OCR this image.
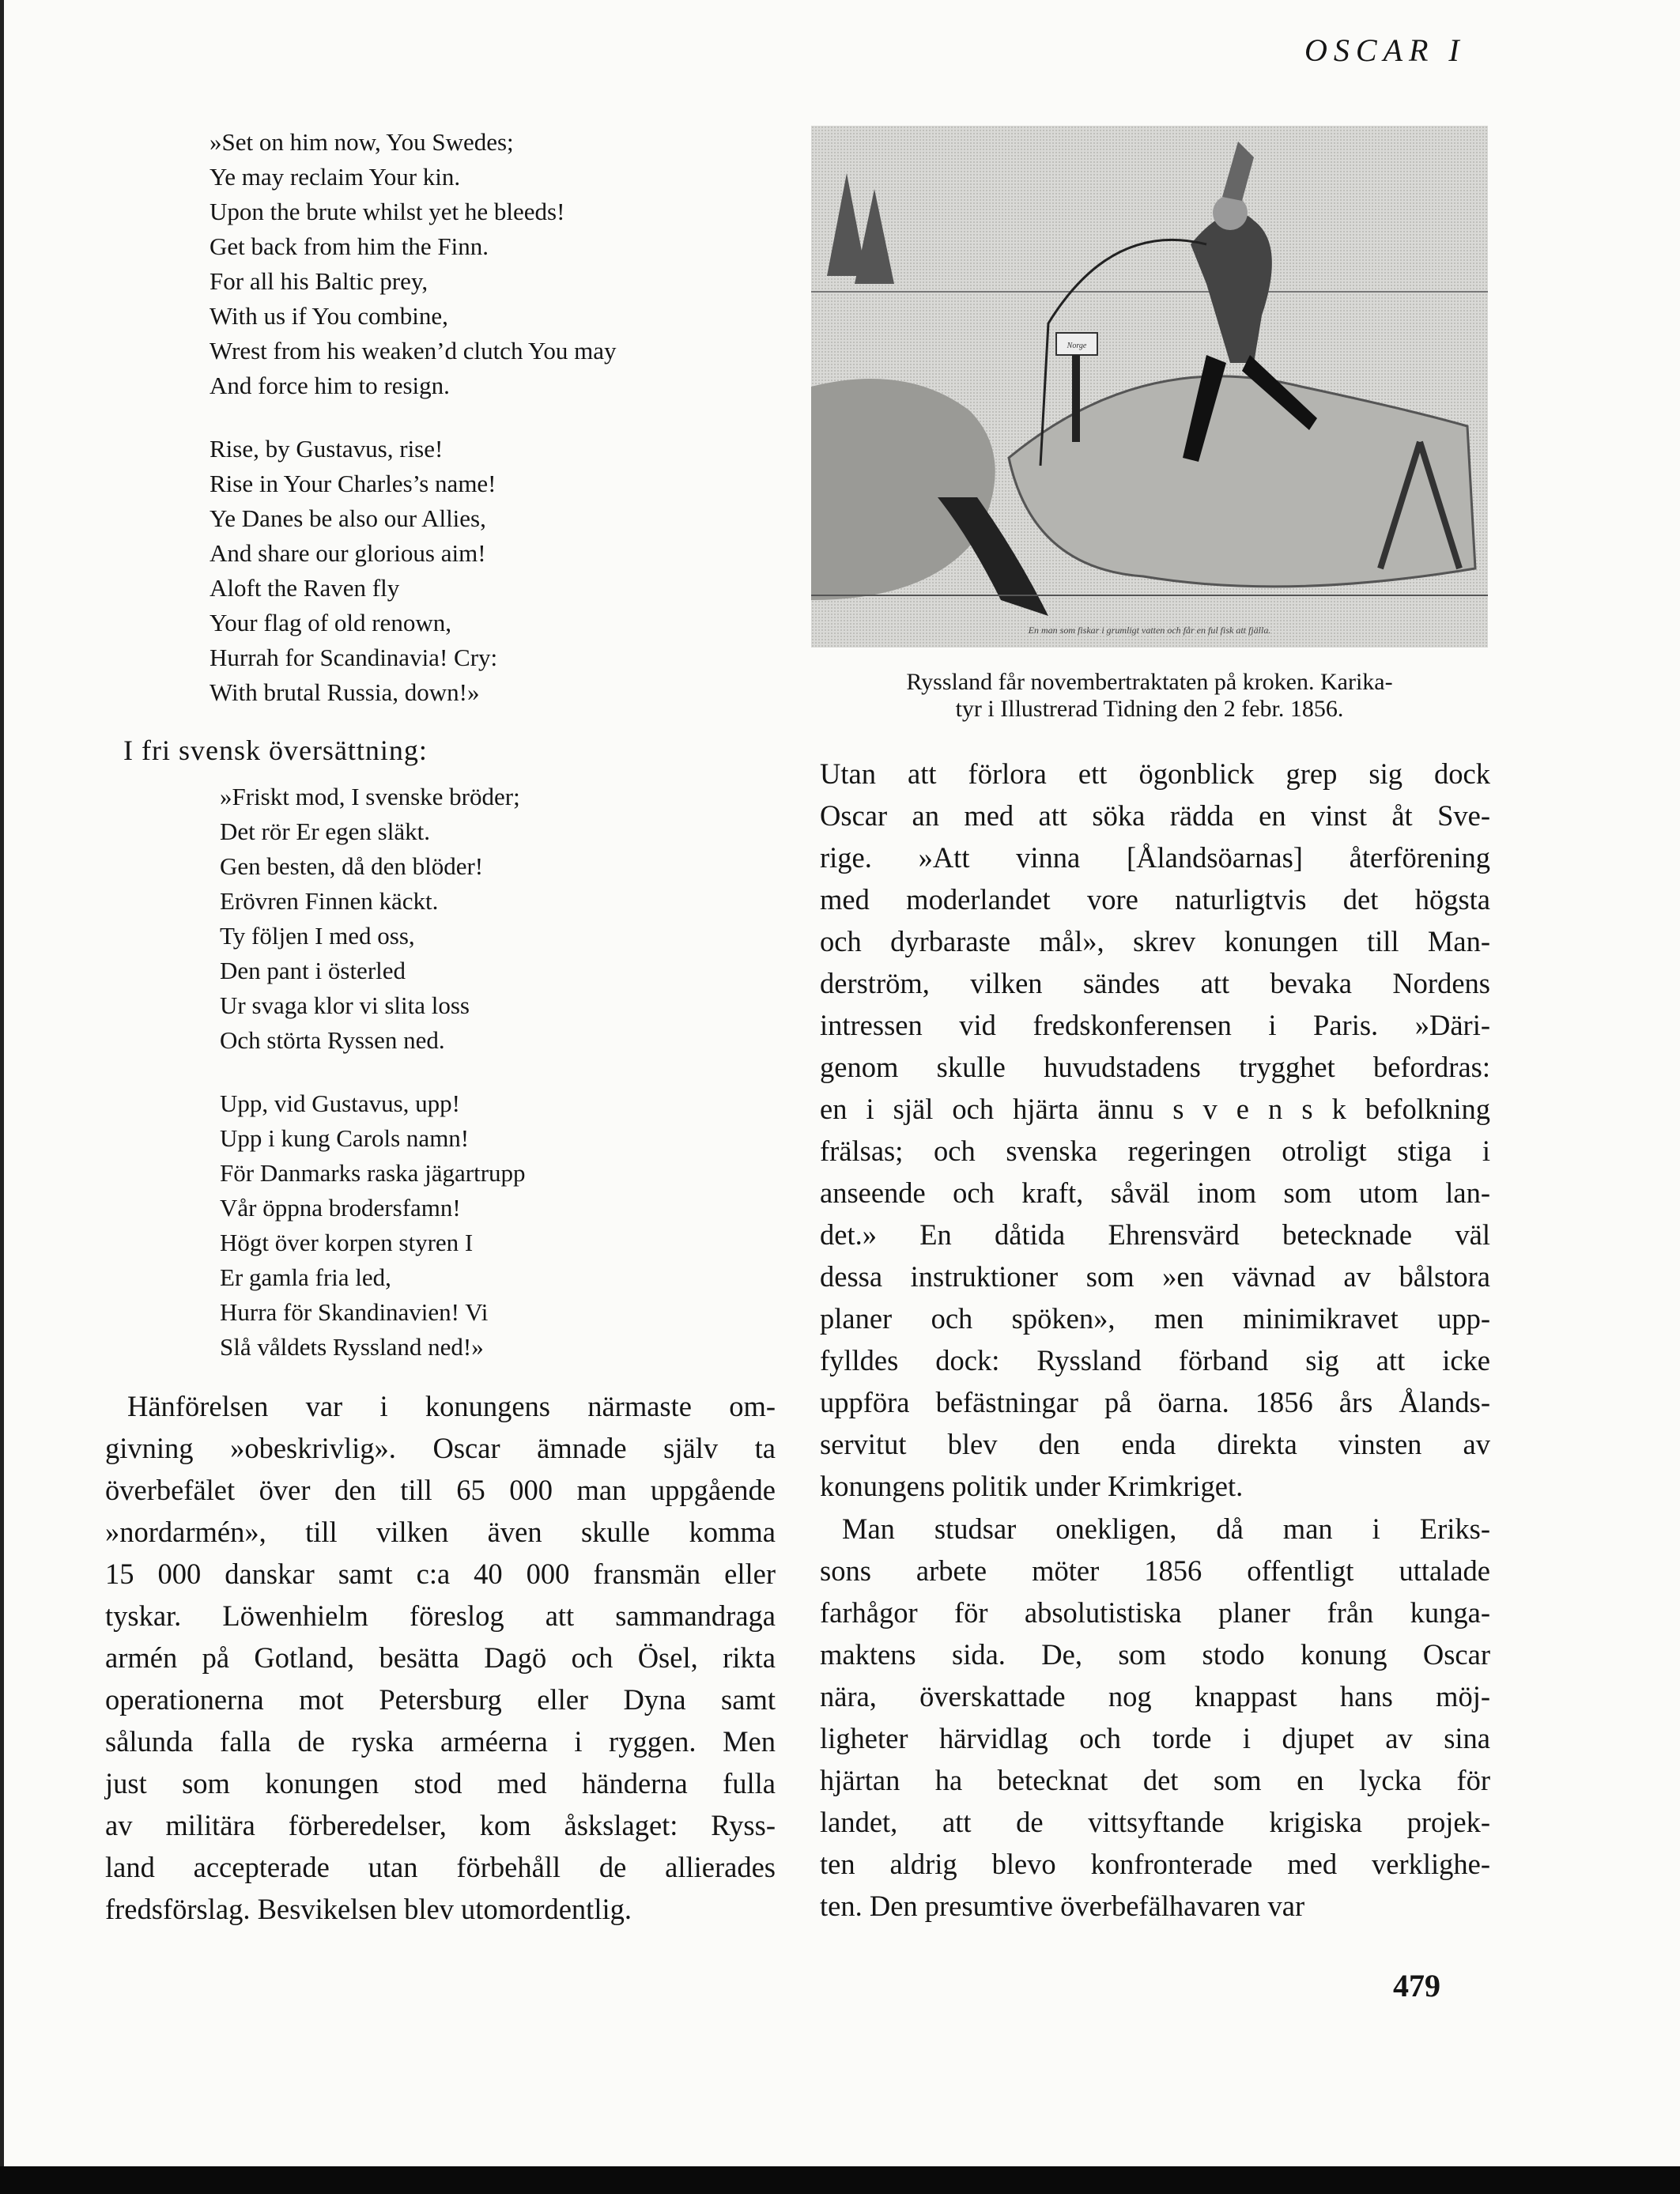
OSCAR I
»Set on him now, You Swedes;
Ye may reclaim Your kin.
Upon the brute whilst yet he bleeds!
Get back from him the Finn.
For all his Baltic prey,
With us if You combine,
Wrest from his weaken’d clutch You may
And force him to resign.
Rise, by Gustavus, rise!
Rise in Your Charles’s name!
Ye Danes be also our Allies,
And share our glorious aim!
Aloft the Raven fly
Your flag of old renown,
Hurrah for Scandinavia! Cry:
With brutal Russia, down!»
I fri svensk översättning:
»Friskt mod, I svenske bröder;
Det rör Er egen släkt.
Gen besten, då den blöder!
Erövren Finnen käckt.
Ty följen I med oss,
Den pant i österled
Ur svaga klor vi slita loss
Och störta Ryssen ned.
Upp, vid Gustavus, upp!
Upp i kung Carols namn!
För Danmarks raska jägartrupp
Vår öppna brodersfamn!
Högt över korpen styren I
Er gamla fria led,
Hurra för Skandinavien! Vi
Slå våldets Ryssland ned!»
Hänförelsen var i konungens närmaste om-
givning »obeskrivlig». Oscar ämnade själv ta
överbefälet över den till 65 000 man uppgående
»nordarmén», till vilken även skulle komma
15 000 danskar samt c:a 40 000 fransmän eller
tyskar. Löwenhielm föreslog att sammandraga
armén på Gotland, besätta Dagö och Ösel, rikta
operationerna mot Petersburg eller Dyna samt
sålunda falla de ryska arméerna i ryggen. Men
just som konungen stod med händerna fulla
av militära förberedelser, kom åskslaget: Ryss-
land accepterade utan förbehåll de allierades
fredsförslag. Besvikelsen blev utomordentlig.
Norge
En man som fiskar i grumligt vatten och får en ful fisk att fjälla.
Ryssland får novembertraktaten på kroken. Karika-
tyr i Illustrerad Tidning den 2 febr. 1856.
Utan att förlora ett ögonblick grep sig dock
Oscar an med att söka rädda en vinst åt Sve-
rige. »Att vinna [Ålandsöarnas] återförening
med moderlandet vore naturligtvis det högsta
och dyrbaraste mål», skrev konungen till Man-
derström, vilken sändes att bevaka Nordens
intressen vid fredskonferensen i Paris. »Däri-
genom skulle huvudstadens trygghet befordras:
en i själ och hjärta ännu s v e n s k befolkning
frälsas; och svenska regeringen otroligt stiga i
anseende och kraft, såväl inom som utom lan-
det.» En dåtida Ehrensvärd betecknade väl
dessa instruktioner som »en vävnad av bålstora
planer och spöken», men minimikravet upp-
fylldes dock: Ryssland förband sig att icke
uppföra befästningar på öarna. 1856 års Ålands-
servitut blev den enda direkta vinsten av
konungens politik under Krimkriget.
Man studsar onekligen, då man i Eriks-
sons arbete möter 1856 offentligt uttalade
farhågor för absolutistiska planer från kunga-
maktens sida. De, som stodo konung Oscar
nära, överskattade nog knappast hans möj-
ligheter härvidlag och torde i djupet av sina
hjärtan ha betecknat det som en lycka för
landet, att de vittsyftande krigiska projek-
ten aldrig blevo konfronterade med verklighe-
ten. Den presumtive överbefälhavaren var
479
